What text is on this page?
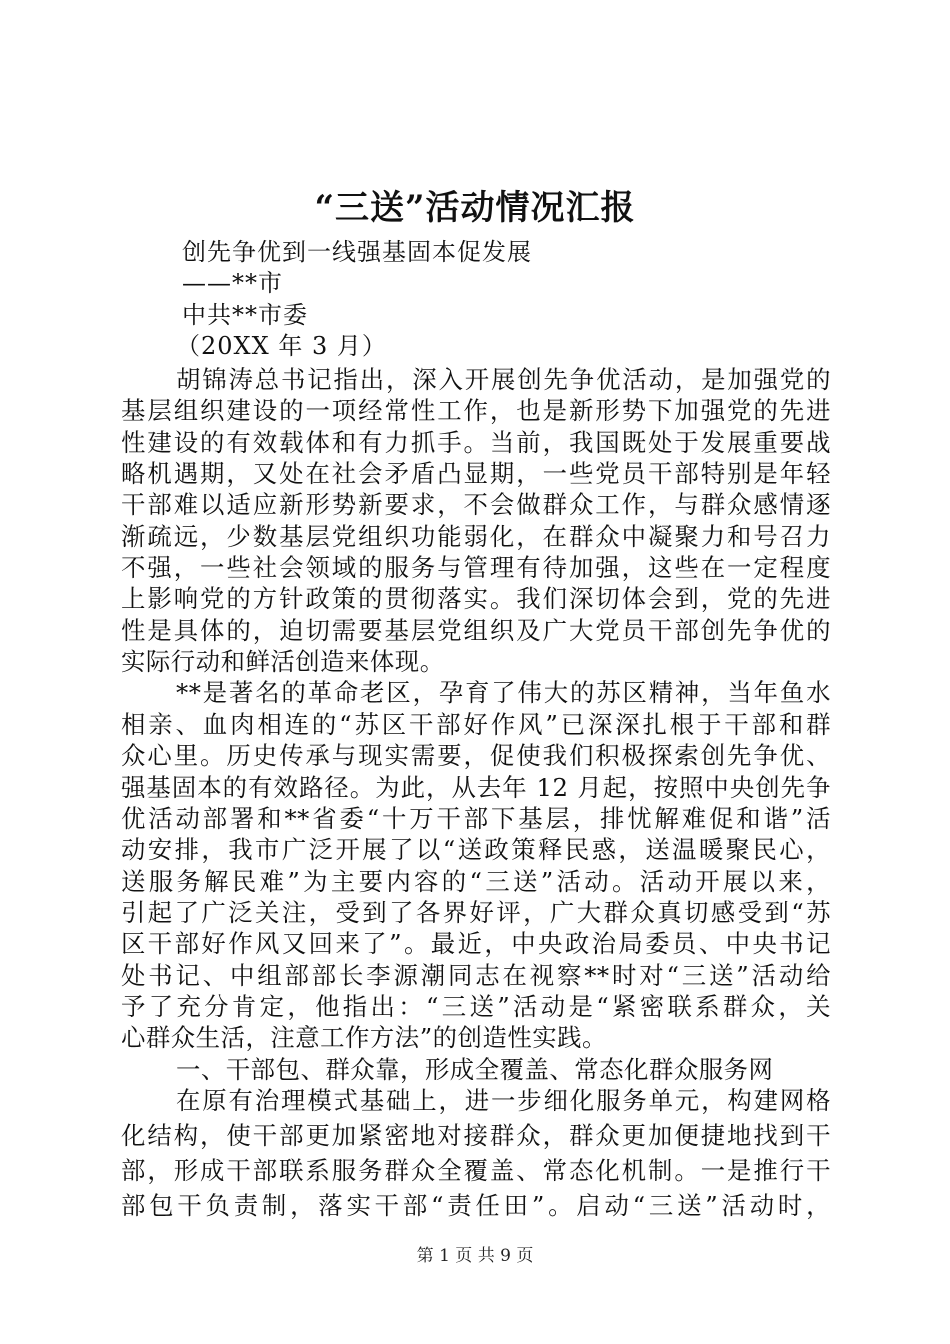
“三送”活动情况汇报
创先争优到一线强基固本促发展
——**市
中共**市委
（20XX 年 3 月）
胡锦涛总书记指出，深入开展创先争优活动，是加强党的
基层组织建设的一项经常性工作，也是新形势下加强党的先进
性建设的有效载体和有力抓手。当前，我国既处于发展重要战
略机遇期，又处在社会矛盾凸显期，一些党员干部特别是年轻
干部难以适应新形势新要求，不会做群众工作，与群众感情逐
渐疏远，少数基层党组织功能弱化，在群众中凝聚力和号召力
不强，一些社会领域的服务与管理有待加强，这些在一定程度
上影响党的方针政策的贯彻落实。我们深切体会到，党的先进
性是具体的，迫切需要基层党组织及广大党员干部创先争优的
实际行动和鲜活创造来体现。
**是著名的革命老区，孕育了伟大的苏区精神，当年鱼水
相亲、血肉相连的“苏区干部好作风”已深深扎根于干部和群
众心里。历史传承与现实需要，促使我们积极探索创先争优、
强基固本的有效路径。为此，从去年 12 月起，按照中央创先争
优活动部署和**省委“十万干部下基层，排忧解难促和谐”活
动安排，我市广泛开展了以“送政策释民惑，送温暖聚民心，
送服务解民难”为主要内容的“三送”活动。活动开展以来，
引起了广泛关注，受到了各界好评，广大群众真切感受到“苏
区干部好作风又回来了”。最近，中央政治局委员、中央书记
处书记、中组部部长李源潮同志在视察**时对“三送”活动给
予了充分肯定，他指出：“三送”活动是“紧密联系群众，关
心群众生活，注意工作方法”的创造性实践。
一、干部包、群众靠，形成全覆盖、常态化群众服务网
在原有治理模式基础上，进一步细化服务单元，构建网格
化结构，使干部更加紧密地对接群众，群众更加便捷地找到干
部，形成干部联系服务群众全覆盖、常态化机制。一是推行干
部包干负责制，落实干部“责任田”。启动“三送”活动时，
第 1 页 共 9 页
